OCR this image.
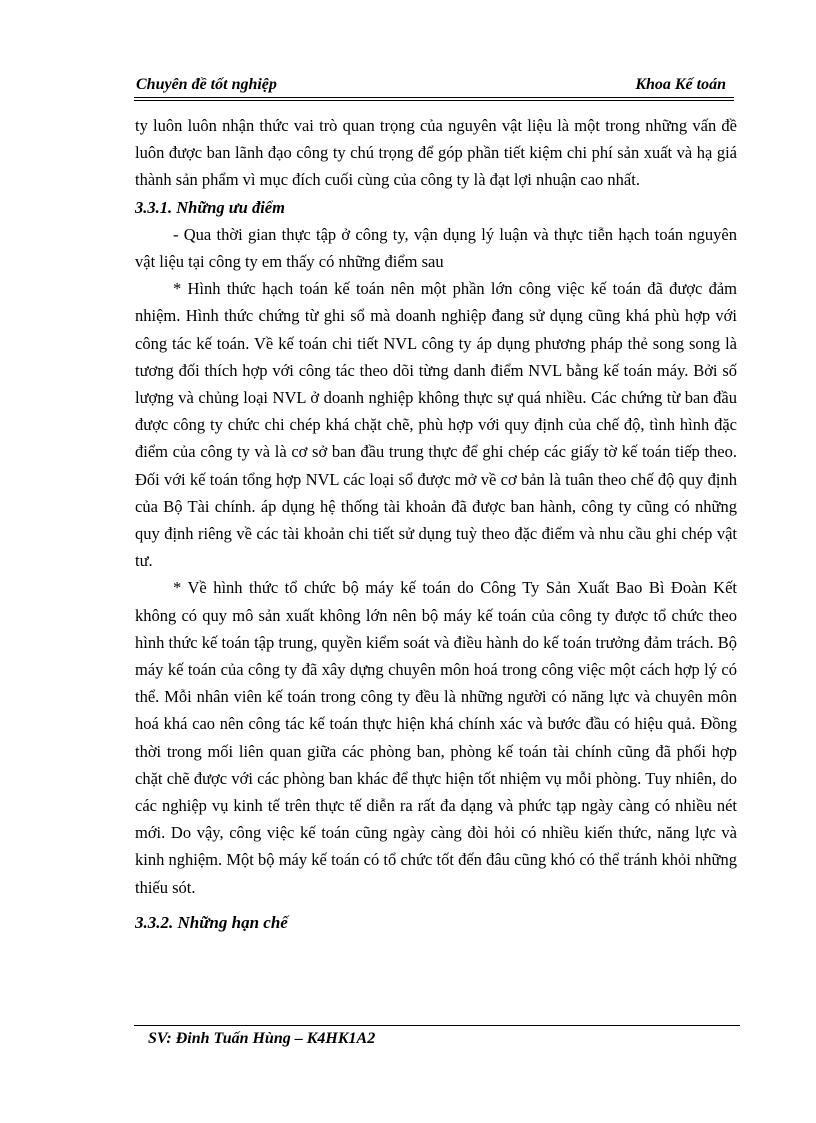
Chuyên đề tốt nghiệp	Khoa Kế toán

ty luôn luôn nhận thức vai trò quan trọng của nguyên vật liệu là một trong những vấn đề luôn được ban lãnh đạo công ty chú trọng để góp phần tiết kiệm chi phí sản xuất và hạ giá thành sản phẩm vì mục đích cuối cùng của công ty là đạt lợi nhuận cao nhất.

3.3.1. Những ưu điểm

- Qua thời gian thực tập ở công ty, vận dụng lý luận và thực tiễn hạch toán nguyên vật liệu tại công ty em thấy có những điểm sau

* Hình thức hạch toán kế toán nên một phần lớn công việc kế toán đã được đảm nhiệm. Hình thức chứng từ ghi sổ mà doanh nghiệp đang sử dụng cũng khá phù hợp với công tác kế toán. Về kế toán chi tiết NVL công ty áp dụng phương pháp thẻ song song là tương đối thích hợp với công tác theo dõi từng danh điểm NVL bằng kế toán máy. Bởi số lượng và chủng loại NVL ở doanh nghiệp không thực sự quá nhiều. Các chứng từ ban đầu được công ty chức chi chép khá chặt chẽ, phù hợp với quy định của chế độ, tình hình đặc điểm của công ty và là cơ sở ban đầu trung thực để ghi chép các giấy tờ kế toán tiếp theo. Đối với kế toán tổng hợp NVL các loại sổ được mở về cơ bản là tuân theo chế độ quy định của Bộ Tài chính. áp dụng hệ thống tài khoản đã được ban hành, công ty cũng có những quy định riêng về các tài khoản chi tiết sử dụng tuỳ theo đặc điểm và nhu cầu ghi chép vật tư.

* Về hình thức tổ chức bộ máy kế toán do Công Ty Sản Xuất Bao Bì Đoàn Kết không có quy mô sản xuất không lớn nên bộ máy kế toán của công ty được tổ chức theo hình thức kế toán tập trung, quyền kiểm soát và điều hành do kế toán trưởng đảm trách. Bộ máy kế toán của công ty đã xây dựng chuyên môn hoá trong công việc một cách hợp lý có thể. Mỗi nhân viên kế toán trong công ty đều là những người có năng lực và chuyên môn hoá khá cao nên công tác kế toán thực hiện khá chính xác và bước đầu có hiệu quả. Đồng thời trong mối liên quan giữa các phòng ban, phòng kế toán tài chính cũng đã phối hợp chặt chẽ được với các phòng ban khác để thực hiện tốt nhiệm vụ mỗi phòng. Tuy nhiên, do các nghiệp vụ kinh tế trên thực tế diễn ra rất đa dạng và phức tạp ngày càng có nhiều nét mới. Do vậy, công việc kế toán cũng ngày càng đòi hỏi có nhiều kiến thức, năng lực và kinh nghiệm. Một bộ máy kế toán có tổ chức tốt đến đâu cũng khó có thể tránh khỏi những thiếu sót.

3.3.2. Những hạn chế

SV: Đinh Tuấn Hùng – K4HK1A2
